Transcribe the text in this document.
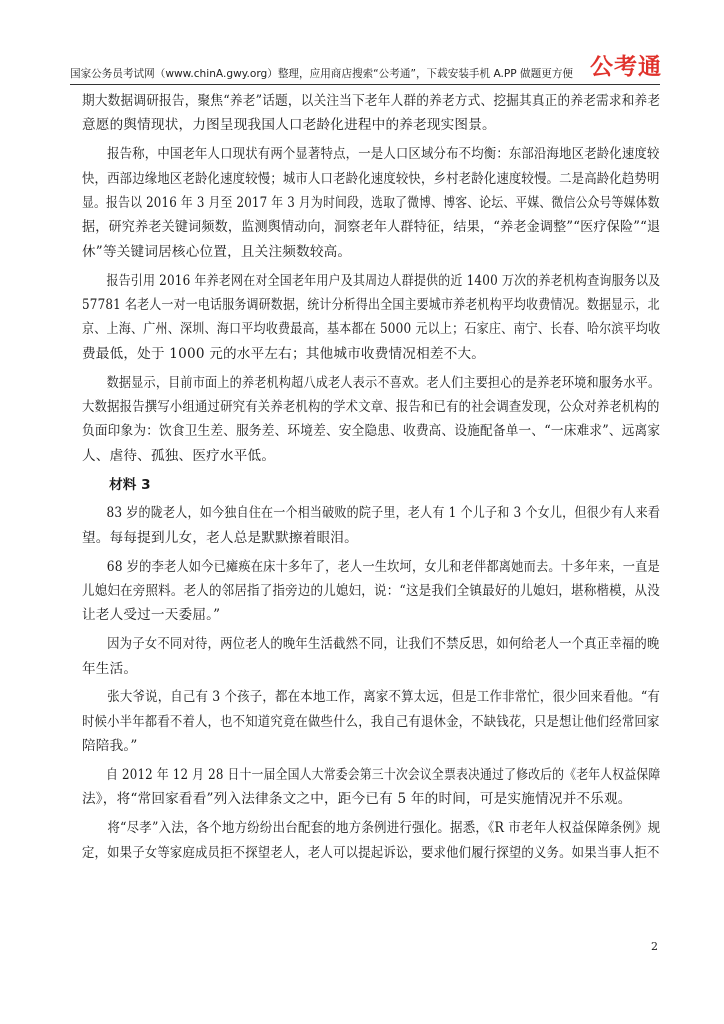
国家公务员考试网（www.chinA.gwy.org）整理，应用商店搜索“公考通”，下载安装手机 A.PP 做题更方便 公考通
期大数据调研报告，聚焦“养老”话题，以关注当下老年人群的养老方式、挖掘其真正的养老需求和养老
意愿的舆情现状，力图呈现我国人口老龄化进程中的养老现实图景。
　　报告称，中国老年人口现状有两个显著特点，一是人口区域分布不均衡：东部沿海地区老龄化速度较
快，西部边缘地区老龄化速度较慢；城市人口老龄化速度较快，乡村老龄化速度较慢。二是高龄化趋势明
显。报告以 2016 年 3 月至 2017 年 3 月为时间段，选取了微博、博客、论坛、平媒、微信公众号等媒体数
据，研究养老关键词频数，监测舆情动向，洞察老年人群特征，结果，“养老金调整”“医疗保险”“退
休”等关键词居核心位置，且关注频数较高。
　　报告引用 2016 年养老网在对全国老年用户及其周边人群提供的近 1400 万次的养老机构查询服务以及
57781 名老人一对一电话服务调研数据，统计分析得出全国主要城市养老机构平均收费情况。数据显示，北
京、上海、广州、深圳、海口平均收费最高，基本都在 5000 元以上；石家庄、南宁、长春、哈尔滨平均收
费最低，处于 1000 元的水平左右；其他城市收费情况相差不大。
　　数据显示，目前市面上的养老机构超八成老人表示不喜欢。老人们主要担心的是养老环境和服务水平。
大数据报告撰写小组通过研究有关养老机构的学术文章、报告和已有的社会调查发现，公众对养老机构的
负面印象为：饮食卫生差、服务差、环境差、安全隐患、收费高、设施配备单一、“一床难求”、远离家
人、虐待、孤独、医疗水平低。
　　材料 3
　　83 岁的陇老人，如今独自住在一个相当破败的院子里，老人有 1 个儿子和 3 个女儿，但很少有人来看
望。每每提到儿女，老人总是默默擦着眼泪。
　　68 岁的李老人如今已瘫痪在床十多年了，老人一生坎坷，女儿和老伴都离她而去。十多年来，一直是
儿媳妇在旁照料。老人的邻居指了指旁边的儿媳妇，说：“这是我们全镇最好的儿媳妇，堪称楷模，从没
让老人受过一天委屈。”
　　因为子女不同对待，两位老人的晚年生活截然不同，让我们不禁反思，如何给老人一个真正幸福的晚
年生活。
　　张大爷说，自己有 3 个孩子，都在本地工作，离家不算太远，但是工作非常忙，很少回来看他。“有
时候小半年都看不着人，也不知道究竟在做些什么，我自己有退休金，不缺钱花，只是想让他们经常回家
陪陪我。”
　　自 2012 年 12 月 28 日十一届全国人大常委会第三十次会议全票表决通过了修改后的《老年人权益保障
法》，将“常回家看看”列入法律条文之中，距今已有 5 年的时间，可是实施情况并不乐观。
　　将“尽孝”入法，各个地方纷纷出台配套的地方条例进行强化。据悉，《R 市老年人权益保障条例》规
定，如果子女等家庭成员拒不探望老人，老人可以提起诉讼，要求他们履行探望的义务。如果当事人拒不
2
